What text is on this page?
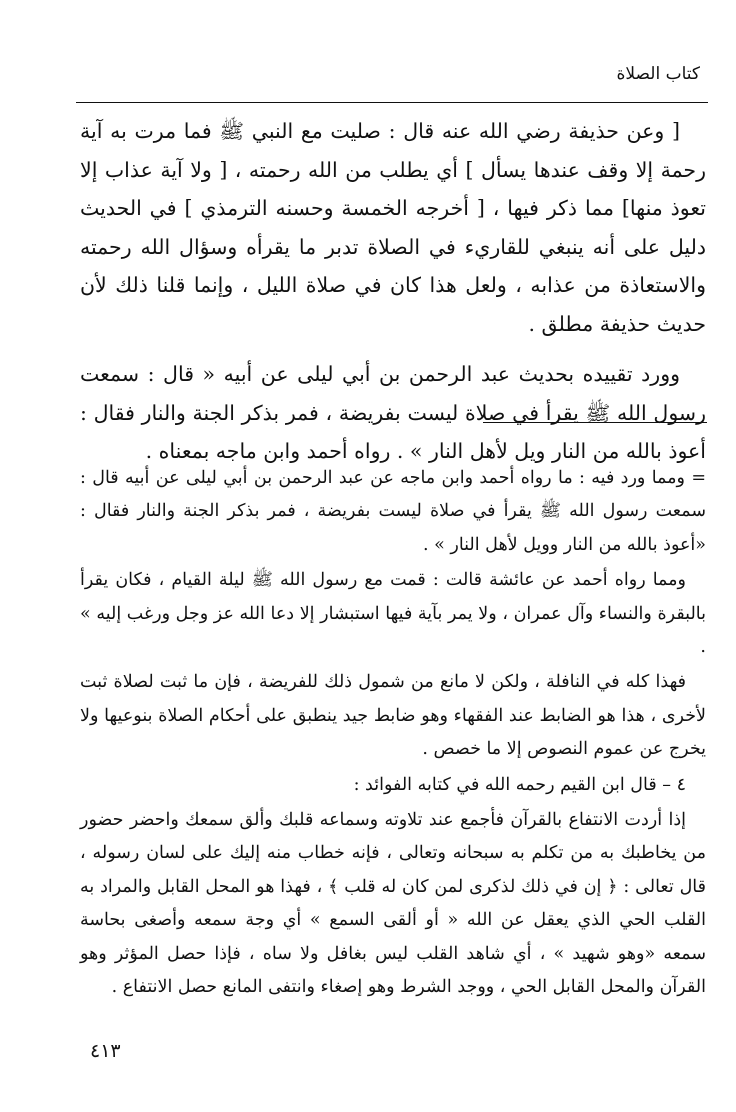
كتاب الصلاة

[ وعن حذيفة رضي الله عنه قال : صليت مع النبي ﷺ فما مرت به آية رحمة إلا وقف عندها يسأل ] أي يطلب من الله رحمته ، [ ولا آية عذاب إلا تعوذ منها] مما ذكر فيها ، [ أخرجه الخمسة وحسنه الترمذي ] في الحديث دليل على أنه ينبغي للقاريء في الصلاة تدبر ما يقرأه وسؤال الله رحمته والاستعاذة من عذابه ، ولعل هذا كان في صلاة الليل ، وإنما قلنا ذلك لأن حديث حذيفة مطلق .

وورد تقييده بحديث عبد الرحمن بن أبي ليلى عن أبيه « قال : سمعت رسول الله ﷺ يقرأ في صلاة ليست بفريضة ، فمر بذكر الجنة والنار فقال : أعوذ بالله من النار ويل لأهل النار » . رواه أحمد وابن ماجه بمعناه .

= ومما ورد فيه : ما رواه أحمد وابن ماجه عن عبد الرحمن بن أبي ليلى عن أبيه قال : سمعت رسول الله ﷺ يقرأ في صلاة ليست بفريضة ، فمر بذكر الجنة والنار فقال : «أعوذ بالله من النار وويل لأهل النار » .

ومما رواه أحمد عن عائشة قالت : قمت مع رسول الله ﷺ ليلة القيام ، فكان يقرأ بالبقرة والنساء وآل عمران ، ولا يمر بآية فيها استبشار إلا دعا الله عز وجل ورغب إليه » .

فهذا كله في النافلة ، ولكن لا مانع من شمول ذلك للفريضة ، فإن ما ثبت لصلاة ثبت لأخرى ، هذا هو الضابط عند الفقهاء وهو ضابط جيد ينطبق على أحكام الصلاة بنوعيها ولا يخرج عن عموم النصوص إلا ما خصص .

٤ – قال ابن القيم رحمه الله في كتابه الفوائد :

إذا أردت الانتفاع بالقرآن فأجمع عند تلاوته وسماعه قلبك وألق سمعك واحضر حضور من يخاطبك به من تكلم به سبحانه وتعالى ، فإنه خطاب منه إليك على لسان رسوله ، قال تعالى : ﴿ إن في ذلك لذكرى لمن كان له قلب ﴾ ، فهذا هو المحل القابل والمراد به القلب الحي الذي يعقل عن الله « أو ألقى السمع » أي وجة سمعه وأصغى بحاسة سمعه «وهو شهيد » ، أي شاهد القلب ليس بغافل ولا ساه ، فإذا حصل المؤثر وهو القرآن والمحل القابل الحي ، ووجد الشرط وهو إصغاء وانتفى المانع حصل الانتفاع .

٤١٣
